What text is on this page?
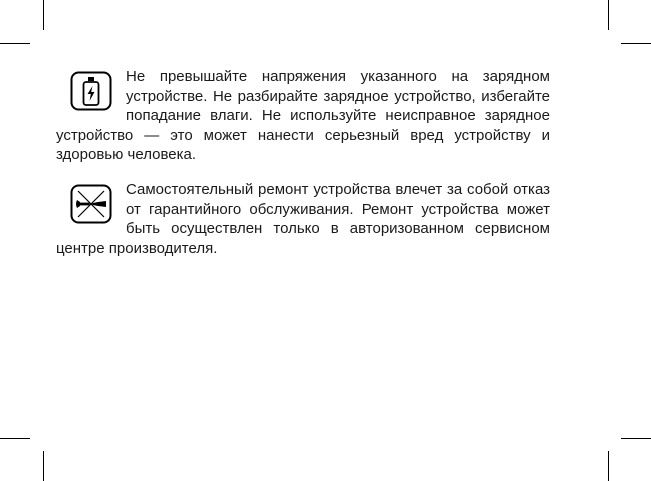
Не превышайте напряжения указанного на зарядном устройстве. Не разбирайте зарядное устройство, избегайте попадание влаги. Не используйте неисправное зарядное устройство — это может нанести серьезный вред устройству и здоровью человека.

Самостоятельный ремонт устройства влечет за собой отказ от гарантийного обслуживания. Ремонт устройства может быть осуществлен только в авторизованном сервисном центре производителя.
